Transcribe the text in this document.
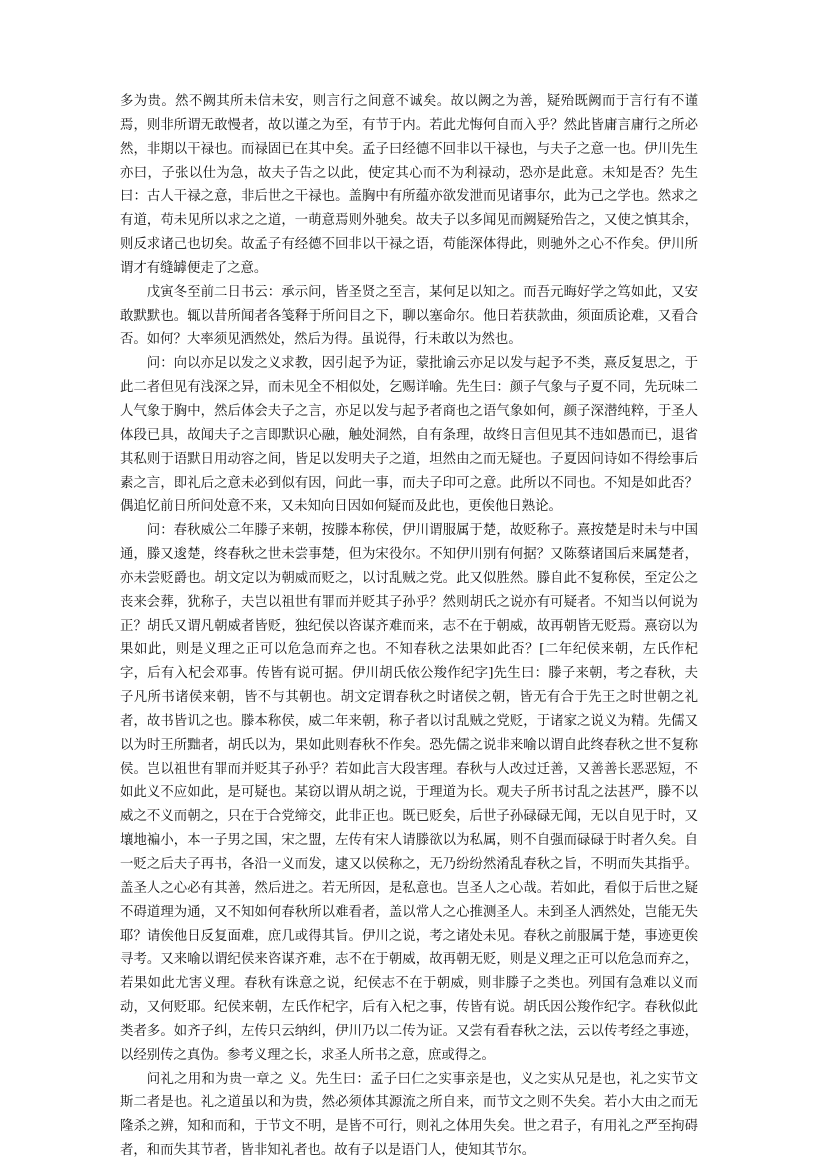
多为贵。然不阙其所未信未安，则言行之间意不诚矣。故以阙之为善，疑殆既阙而于言行有不谨焉，则非所谓无敢慢者，故以谨之为至，有节于内。若此尤悔何自而入乎？然此皆庸言庸行之所必然，非期以干禄也。而禄固已在其中矣。孟子曰经德不回非以干禄也，与夫子之意一也。伊川先生亦曰，子张以仕为急，故夫子告之以此，使定其心而不为利禄动，恐亦是此意。未知是否？先生曰：古人干禄之意，非后世之干禄也。盖胸中有所蕴亦欲发泄而见诸事尔，此为己之学也。然求之有道，苟未见所以求之之道，一萌意焉则外驰矣。故夫子以多闻见而阙疑殆告之，又使之慎其余，则反求诸己也切矣。故孟子有经德不回非以干禄之语，苟能深体得此，则驰外之心不作矣。伊川所谓才有缝罅便走了之意。

戊寅冬至前二日书云：承示问，皆圣贤之至言，某何足以知之。而吾元晦好学之笃如此，又安敢默默也。辄以昔所闻者各笺释于所问目之下，聊以塞命尔。他日若获款曲，须面质论难，又看合否。如何？大率须见洒然处，然后为得。虽说得，行未敢以为然也。

问：向以亦足以发之义求教，因引起予为证，蒙批谕云亦足以发与起予不类，熹反复思之，于此二者但见有浅深之异，而未见全不相似处，乞赐详喻。先生曰：颜子气象与子夏不同，先玩味二人气象于胸中，然后体会夫子之言，亦足以发与起予者商也之语气象如何，颜子深潜纯粹，于圣人体段已具，故闻夫子之言即默识心融，触处洞然，自有条理，故终日言但见其不违如愚而已，退省其私则于语默日用动容之间，皆足以发明夫子之道，坦然由之而无疑也。子夏因问诗如不得绘事后素之言，即礼后之意未必到似有因，问此一事，而夫子印可之意。此所以不同也。不知是如此否？偶追忆前日所问处意不来，又未知向日因如何疑而及此也，更俟他日熟论。

问：春秋威公二年滕子来朝，按滕本称侯，伊川谓服属于楚，故贬称子。熹按楚是时未与中国通，滕又逡楚，终春秋之世未尝事楚，但为宋役尔。不知伊川别有何据？又陈蔡诸国后来属楚者，亦未尝贬爵也。胡文定以为朝威而贬之，以讨乱贼之党。此又似胜然。滕自此不复称侯，至定公之丧来会葬，犹称子，夫岂以祖世有罪而并贬其子孙乎？然则胡氏之说亦有可疑者。不知当以何说为正？胡氏又谓凡朝威者皆贬，独纪侯以咨谋齐难而来，志不在于朝威，故再朝皆无贬焉。熹窃以为果如此，则是义理之正可以危急而弃之也。不知春秋之法果如此否？[二年纪侯来朝，左氏作杞字，后有入杞会邓事。传皆有说可据。伊川胡氏依公羧作纪字]先生曰：滕子来朝，考之春秋，夫子凡所书诸侯来朝，皆不与其朝也。胡文定谓春秋之时诸侯之朝，皆无有合于先王之时世朝之礼者，故书皆讥之也。滕本称侯，威二年来朝，称子者以讨乱贼之党贬，于诸家之说义为精。先儒又以为时王所黜者，胡氏以为，果如此则春秋不作矣。恐先儒之说非来喻以谓自此终春秋之世不复称侯。岂以祖世有罪而并贬其子孙乎？若如此言大段害理。春秋与人改过迁善，又善善长恶恶短，不如此义不应如此，是可疑也。某窃以谓从胡之说，于理道为长。观夫子所书讨乱之法甚严，滕不以威之不义而朝之，只在于合党缔交，此非正也。既已贬矣，后世子孙碌碌无闻，无以自见于时，又壤地褊小，本一子男之国，宋之盟，左传有宋人请滕欲以为私属，则不自强而碌碌于时者久矣。自一贬之后夫子再书，各沿一义而发，逮又以侯称之，无乃纷纷然淆乱春秋之旨，不明而失其指乎。盖圣人之心必有其善，然后进之。若无所因，是私意也。岂圣人之心哉。若如此，看似于后世之疑不碍道理为通，又不知如何春秋所以难看者，盖以常人之心推测圣人。未到圣人洒然处，岂能无失耶？请俟他日反复面难，庶几或得其旨。伊川之说，考之诸处未见。春秋之前服属于楚，事迹更俟寻考。又来喻以谓纪侯来咨谋齐难，志不在于朝威，故再朝无贬，则是义理之正可以危急而弃之，若果如此尤害义理。春秋有诛意之说，纪侯志不在于朝威，则非滕子之类也。列国有急难以义而动，又何贬耶。纪侯来朝，左氏作杞字，后有入杞之事，传皆有说。胡氏因公羧作纪字。春秋似此类者多。如齐子纠，左传只云纳纠，伊川乃以二传为证。又尝有看春秋之法，云以传考经之事迹，以经别传之真伪。参考义理之长，求圣人所书之意，庶或得之。

问礼之用和为贵一章之 义。先生曰：孟子曰仁之实事亲是也，义之实从兄是也，礼之实节文斯二者是也。礼之道虽以和为贵，然必须体其源流之所自来，而节文之则不失矣。若小大由之而无隆杀之辨，知和而和，于节文不明，是皆不可行，则礼之体用失矣。世之君子，有用礼之严至拘碍者，和而失其节者，皆非知礼者也。故有子以是语门人，使知其节尔。
